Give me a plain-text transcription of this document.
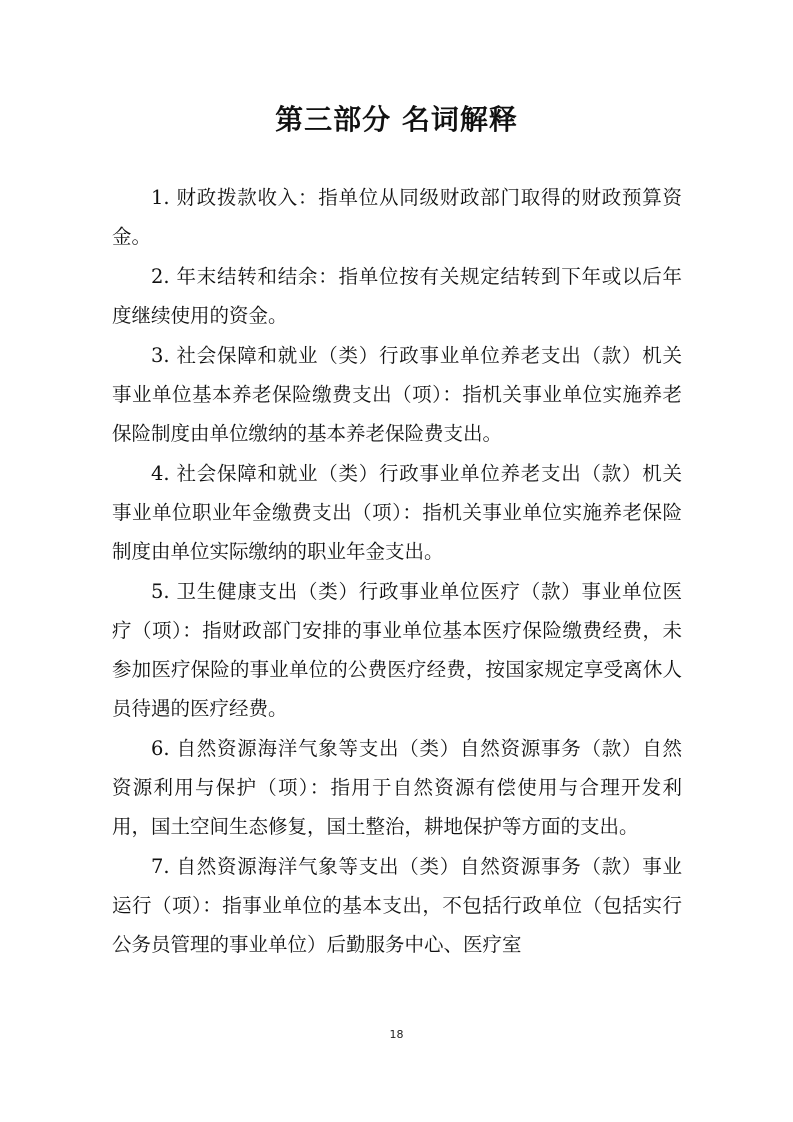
第三部分 名词解释

1. 财政拨款收入：指单位从同级财政部门取得的财政预算资金。

2. 年末结转和结余：指单位按有关规定结转到下年或以后年度继续使用的资金。

3. 社会保障和就业（类）行政事业单位养老支出（款）机关事业单位基本养老保险缴费支出（项）：指机关事业单位实施养老保险制度由单位缴纳的基本养老保险费支出。

4. 社会保障和就业（类）行政事业单位养老支出（款）机关事业单位职业年金缴费支出（项）：指机关事业单位实施养老保险制度由单位实际缴纳的职业年金支出。

5. 卫生健康支出（类）行政事业单位医疗（款）事业单位医疗（项）：指财政部门安排的事业单位基本医疗保险缴费经费，未参加医疗保险的事业单位的公费医疗经费，按国家规定享受离休人员待遇的医疗经费。

6. 自然资源海洋气象等支出（类）自然资源事务（款）自然资源利用与保护（项）：指用于自然资源有偿使用与合理开发利用，国土空间生态修复，国土整治，耕地保护等方面的支出。

7. 自然资源海洋气象等支出（类）自然资源事务（款）事业运行（项）：指事业单位的基本支出，不包括行政单位（包括实行公务员管理的事业单位）后勤服务中心、医疗室

18
